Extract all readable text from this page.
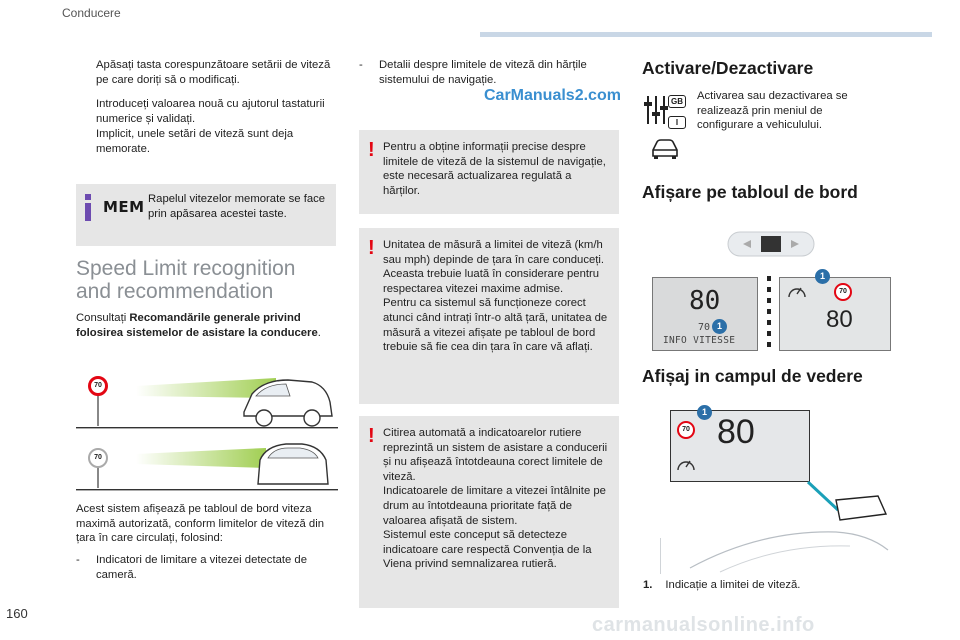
Conducere
Apăsați tasta corespunzătoare setării de viteză pe care doriți să o modificați.
Introduceți valoarea nouă cu ajutorul tastaturii numerice și validați.
Implicit, unele setări de viteză sunt deja memorate.
MEM Rapelul vitezelor memorate se face prin apăsarea acestei taste.
Speed Limit recognition and recommendation
Consultați Recomandările generale privind folosirea sistemelor de asistare la conducere.
70
70
Acest sistem afișează pe tabloul de bord viteza maximă autorizată, conform limitelor de viteză din țara în care circulați, folosind:
-	Indicatori de limitare a vitezei detectate de cameră.
-	Detalii despre limitele de viteză din hărțile sistemului de navigație.
CarManuals2.com
! Pentru a obține informații precise despre limitele de viteză de la sistemul de navigație, este necesară actualizarea regulată a hărților.
! Unitatea de măsură a limitei de viteză (km/h sau mph) depinde de țara în care conduceți.
Aceasta trebuie luată în considerare pentru respectarea vitezei maxime admise.
Pentru ca sistemul să funcționeze corect atunci când intrați într-o altă țară, unitatea de măsură a vitezei afișate pe tabloul de bord trebuie să fie cea din țara în care vă aflați.
! Citirea automată a indicatoarelor rutiere reprezintă un sistem de asistare a conducerii și nu afișează întotdeauna corect limitele de viteză.
Indicatoarele de limitare a vitezei întâlnite pe drum au întotdeauna prioritate față de valoarea afișată de sistem.
Sistemul este conceput să detecteze indicatoare care respectă Convenția de la Viena privind semnalizarea rutieră.
Activare/Dezactivare
GB
I
Activarea sau dezactivarea se realizează prin meniul de configurare a vehiculului.
Afișare pe tabloul de bord
80
70
INFO VITESSE
1
70
80
1
Afișaj in campul de vedere
70 80
1
1. Indicație a limitei de viteză.
160
carmanualsonline.info
